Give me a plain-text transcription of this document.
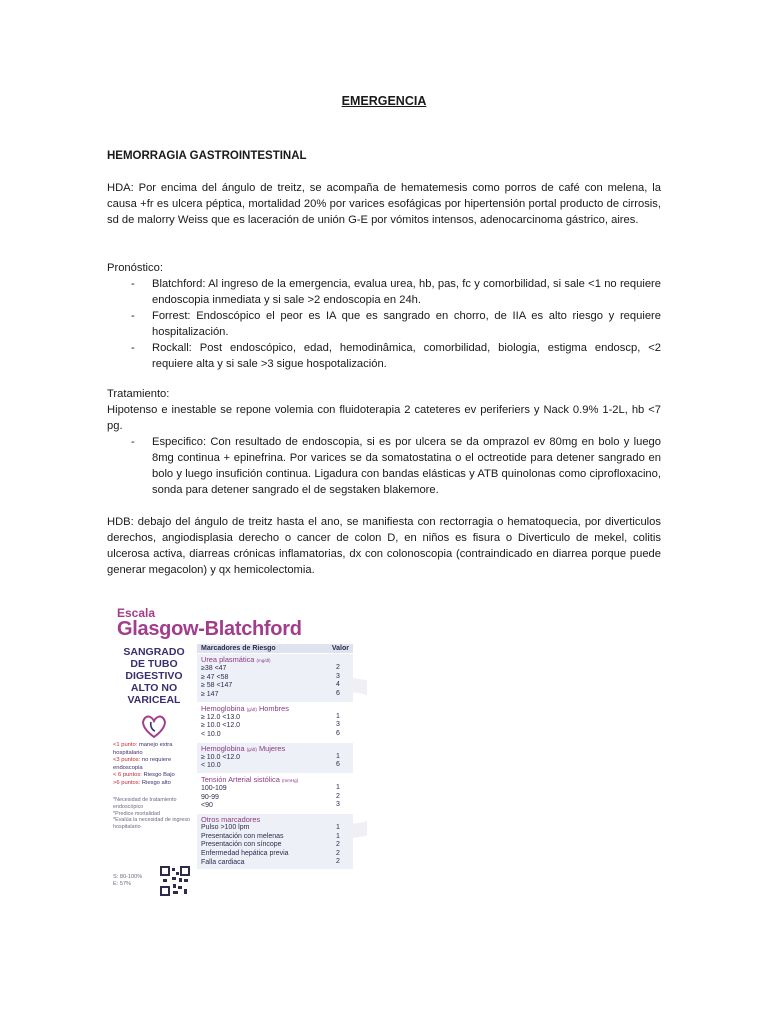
EMERGENCIA
HEMORRAGIA GASTROINTESTINAL

HDA: Por encima del ángulo de treitz, se acompaña de hematemesis como porros de café con melena, la causa +fr es ulcera péptica, mortalidad 20% por varices esofágicas por hipertensión portal producto de cirrosis, sd de malorry Weiss que es laceración de unión G-E por vómitos intensos, adenocarcinoma gástrico, aires.

Pronóstico:
- Blatchford: Al ingreso de la emergencia, evalua urea, hb, pas, fc y comorbilidad, si sale <1 no requiere endoscopia inmediata y si sale >2 endoscopia en 24h.
- Forrest: Endoscópico el peor es IA que es sangrado en chorro, de IIA es alto riesgo y requiere hospitalización.
- Rockall: Post endoscópico, edad, hemodinâmica, comorbilidad, biologia, estigma endoscp, <2 requiere alta y si sale >3 sigue hospotalización.
Tratamiento:

Hipotenso e inestable se repone volemia con fluidoterapia 2 cateteres ev periferiers y Nack 0.9% 1-2L, hb <7 pg.

- Especifico: Con resultado de endoscopia, si es por ulcera se da omprazol ev 80mg en bolo y luego 8mg continua + epinefrina. Por varices se da somatostatina o el octreotide para detener sangrado en bolo y luego insufición continua. Ligadura con bandas elásticas y ATB quinolonas como ciprofloxacino, sonda para detener sangrado el de segstaken blakemore.

HDB: debajo del ángulo de treitz hasta el ano, se manifiesta con rectorragia o hematoquecia, por diverticulos derechos, angiodisplasia derecho o cancer de colon D, en niños es fisura o Diverticulo de mekel, colitis ulcerosa activa, diarreas crónicas inflamatorias, dx con colonoscopia (contraindicado en diarrea porque puede generar megacolon) y qx hemicolectomia.

Escala
Glasgow-Blatchford
SANGRADO
DE TUBO
DIGESTIVO
ALTO NO
VARICEAL
<1 punto: manejo extra hospitalario
<3 puntos: no requiere endoscopia
< 6 puntos: Riesgo Bajo
>6 puntos: Riesgo alto
*Necesidad de tratamiento endoscópico
*Predice mortalidad
*Evalúa la necesidad de ingreso hospitalario
S: 80-100%
E: 57%
Marcadores de Riesgo	Valor
Urea plasmática (mg/dl)
≥38 <47
≥ 47 <58
≥ 58 <147
≥ 147
2
3
4
6
Hemoglobina (g/dl) Hombres
≥ 12.0 <13.0
≥ 10.0 <12.0
< 10.0
1
3
6
Hemoglobina (g/dl) Mujeres
≥ 10.0 <12.0
< 10.0
1
6
Tensión Arterial sistólica (mmHg)
100-109
90-99
<90
1
2
3
Otros marcadores
Pulso >100 lpm
Presentación con melenas
Presentación con síncope
Enfermedad hepática previa
Falla cardiaca
1
1
2
2
2
